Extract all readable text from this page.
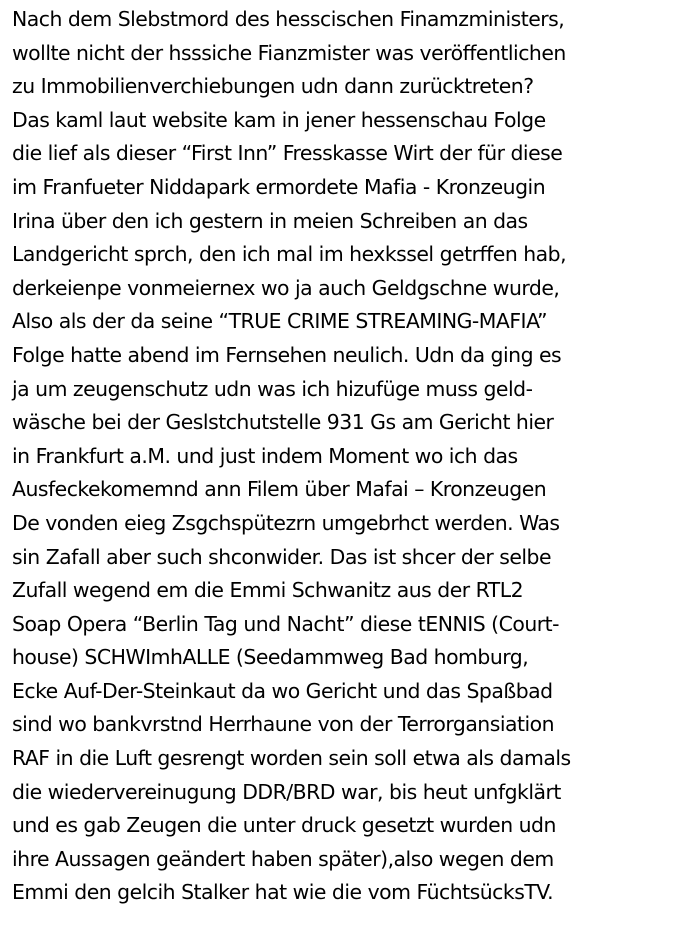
Nach dem Slebstmord des hesscischen Finamzministers,
wollte nicht der hsssiche Fianzmister was veröffentlichen
zu Immobilienverchiebungen udn dann zurücktreten?
Das kaml laut website kam in jener hessenschau Folge
die lief als dieser “First Inn” Fresskasse Wirt der für diese
im Franfueter Niddapark ermordete Mafia - Kronzeugin
Irina über den ich gestern in meien Schreiben an das
Landgericht sprch, den ich mal im hexkssel getrffen hab,
derkeienpe vonmeiernex wo ja auch Geldgschne wurde,
Also als der da seine “TRUE CRIME STREAMING-MAFIA”
Folge hatte abend im Fernsehen neulich. Udn da ging es
ja um zeugenschutz udn was ich hizufüge muss geld-
wäsche bei der Geslstchutstelle 931 Gs am Gericht hier
in Frankfurt a.M. und just indem Moment wo ich das
Ausfeckekomemnd ann Filem über Mafai – Kronzeugen
De vonden eieg Zsgchspütezrn umgebrhct werden. Was
sin Zafall aber such shconwider. Das ist shcer der selbe
Zufall wegend em die Emmi Schwanitz aus der RTL2
Soap Opera “Berlin Tag und Nacht” diese tENNIS (Court-
house) SCHWImhALLE (Seedammweg Bad homburg,
Ecke Auf-Der-Steinkaut da wo Gericht und das Spaßbad
sind wo bankvrstnd Herrhaune von der Terrorgansiation
RAF in die Luft gesrengt worden sein soll etwa als damals
die wiedervereinugung DDR/BRD war, bis heut unfgklärt
und es gab Zeugen die unter druck gesetzt wurden udn
ihre Aussagen geändert haben später),also wegen dem
Emmi den gelcih Stalker hat wie die vom FüchtsücksTV.
